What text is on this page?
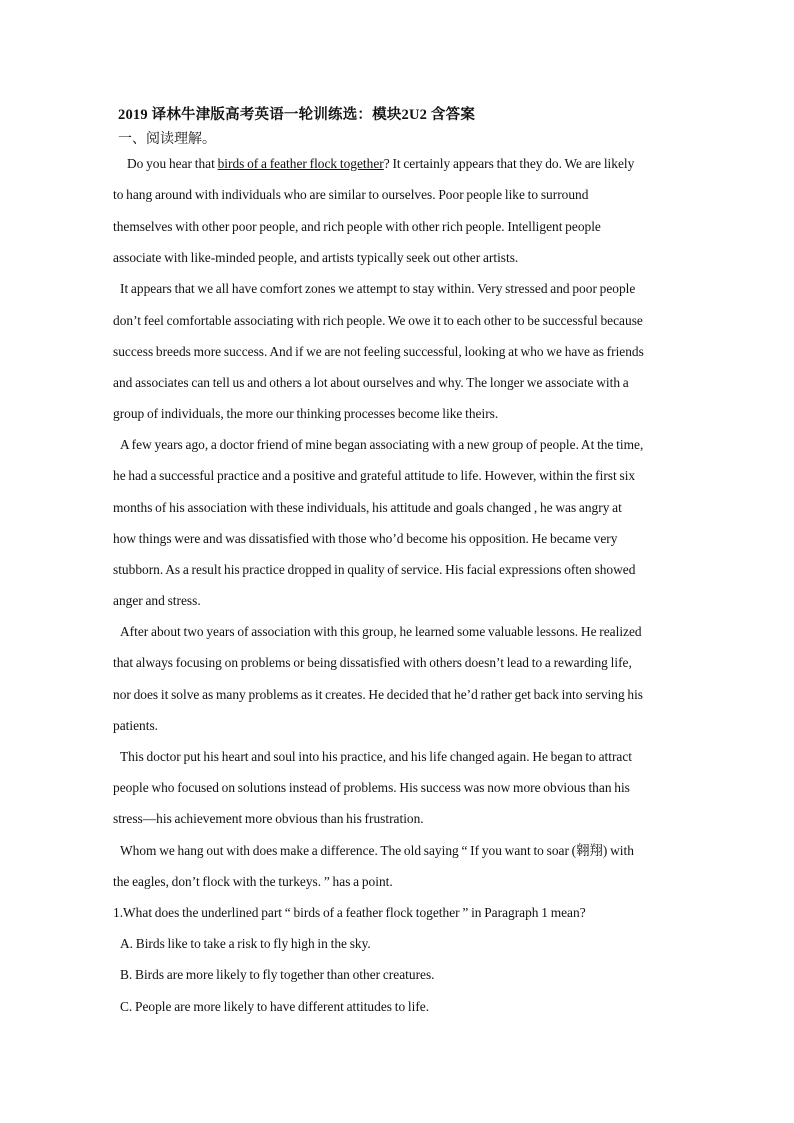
2019 译林牛津版高考英语一轮训练选：模块2U2 含答案
一、阅读理解。
Do you hear that birds of a feather flock together? It certainly appears that they do. We are likely
to hang around with individuals who are similar to ourselves. Poor people like to surround
themselves with other poor people, and rich people with other rich people. Intelligent people
associate with like-minded people, and artists typically seek out other artists.
It appears that we all have comfort zones we attempt to stay within. Very stressed and poor people
don’t feel comfortable associating with rich people. We owe it to each other to be successful because
success breeds more success. And if we are not feeling successful, looking at who we have as friends
and associates can tell us and others a lot about ourselves and why. The longer we associate with a
group of individuals, the more our thinking processes become like theirs.
A few years ago, a doctor friend of mine began associating with a new group of people. At the time,
he had a successful practice and a positive and grateful attitude to life. However, within the first six
months of his association with these individuals, his attitude and goals changed , he was angry at
how things were and was dissatisfied with those who’d become his opposition. He became very
stubborn. As a result his practice dropped in quality of service. His facial expressions often showed
anger and stress.
After about two years of association with this group, he learned some valuable lessons. He realized
that always focusing on problems or being dissatisfied with others doesn’t lead to a rewarding life,
nor does it solve as many problems as it creates. He decided that he’d rather get back into serving his
patients.
This doctor put his heart and soul into his practice, and his life changed again. He began to attract
people who focused on solutions instead of problems. His success was now more obvious than his
stress—his achievement more obvious than his frustration.
Whom we hang out with does make a difference. The old saying “ If you want to soar (翱翔) with
the eagles, don’t flock with the turkeys. ” has a point.
1.What does the underlined part “ birds of a feather flock together ” in Paragraph 1 mean?
A. Birds like to take a risk to fly high in the sky.
B. Birds are more likely to fly together than other creatures.
C. People are more likely to have different attitudes to life.
